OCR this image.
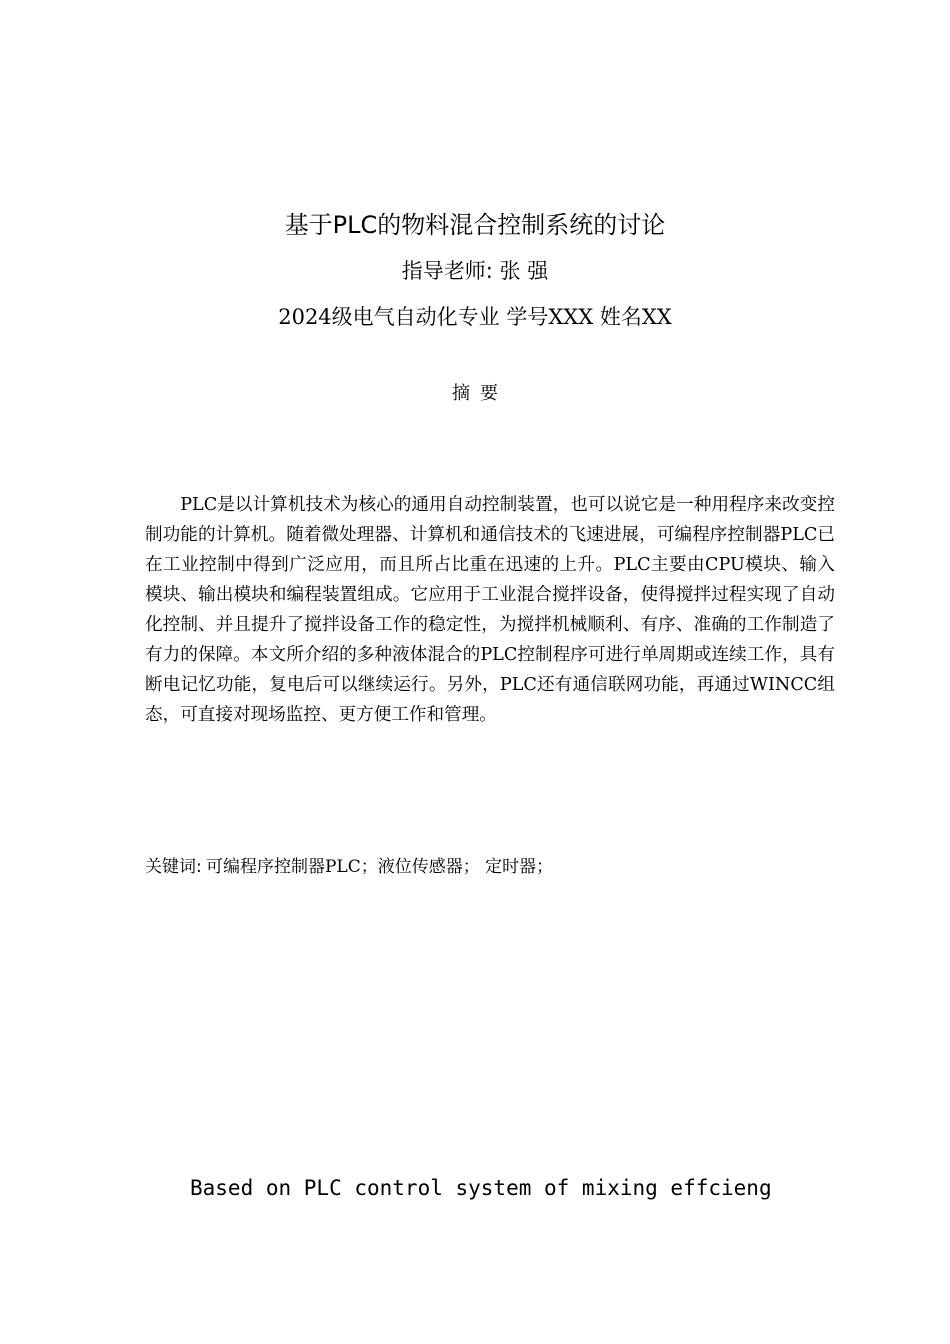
基于PLC的物料混合控制系统的讨论
指导老师: 张 强
2024级电气自动化专业 学号XXX 姓名XX
摘要

PLC是以计算机技术为核心的通用自动控制装置，也可以说它是一种用程序来改变控制功能的计算机。随着微处理器、计算机和通信技术的飞速进展，可编程序控制器PLC已在工业控制中得到广泛应用，而且所占比重在迅速的上升。PLC主要由CPU模块、输入模块、输出模块和编程装置组成。它应用于工业混合搅拌设备，使得搅拌过程实现了自动化控制、并且提升了搅拌设备工作的稳定性，为搅拌机械顺利、有序、准确的工作制造了有力的保障。本文所介绍的多种液体混合的PLC控制程序可进行单周期或连续工作，具有断电记忆功能，复电后可以继续运行。另外，PLC还有通信联网功能，再通过WINCC组态，可直接对现场监控、更方便工作和管理。

关键词: 可编程序控制器PLC；液位传感器； 定时器；
Based on PLC control system of mixing effcieng
